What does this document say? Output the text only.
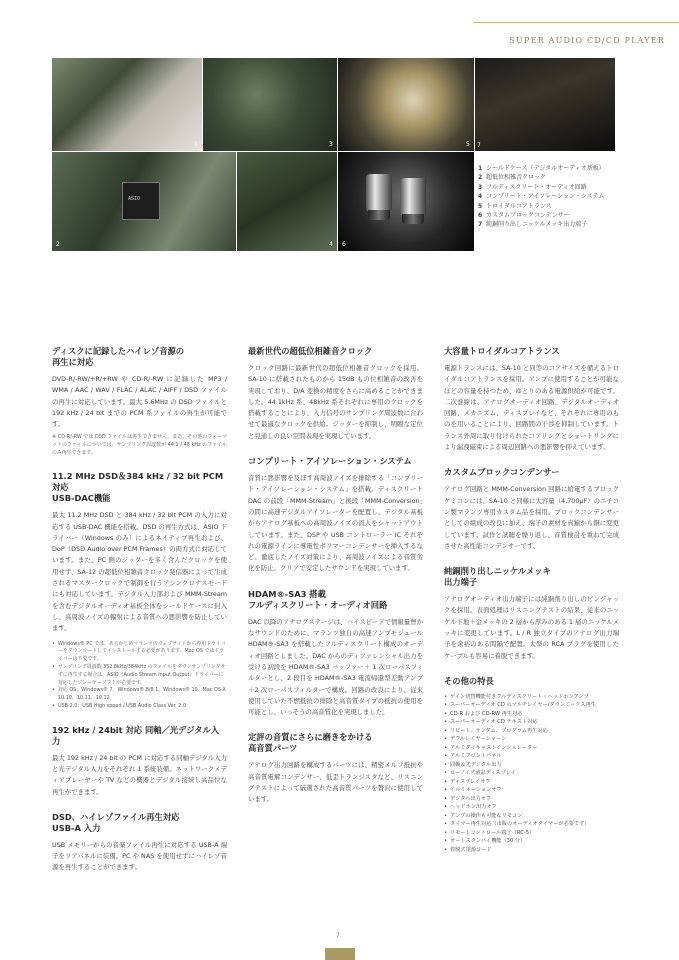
SUPER AUDIO CD/CD PLAYER
1	3	5 7
ASIO
2	4 6
1 シールドケース（デジタルオーディオ基板）
2 超低位相雑音クロック
3 フルディスクリート・オーディオ回路
4 コンプリート・アイソレーション・システム
5 トロイダルコアトランス
6 カスタムブロックコンデンサー
7 純銅削り出しニッケルメッキ出力端子
ディスクに記録したハイレゾ音源の
再生に対応

DVD-R/-RW/+R/+RW や CD-R/-RW に記録した MP3 / WMA / AAC / WAV / FLAC / ALAC / AIFF / DSD ファイルの再生に対応しています。最大 5.6MHz の DSD ファイルと 192 kHz / 24 bit までの PCM 系ファイルの再生が可能です。

※ CD-R/-RW では DSD ファイルは再生できません。また、その他のフォーマットのファイルについては、サンプリング周波数が 44.1 / 48 kHz のファイルのみ再生できます。

11.2 MHz DSD＆384 kHz / 32 bit PCM対応
USB-DAC機能

最大 11.2 MHz DSD と 384 kHz / 32 bit PCM の入力に対応する USB-DAC 機能を搭載。DSD の再生方式は、ASIO ドライバー（Windows のみ）によるネイティブ再生および、DoP（DSD Audio over PCM Frames）の両方式に対応しています。また、PC 側のジッターを多く含んだクロックを使用せず、SA-12 の超低位相雑音クロック発信器によって生成されるマスタークロックで制御を行うアシンクロナスモードにも対応しています。デジタル入力部および MMM-Stream を含むデジタルオーディオ基板全体をシールドケースに封入し、高周波ノイズの輻射による音質への悪影響を防止しています。

• Windows® PC では、あらかじめマランツのウェブサイトから専用ドライバーをダウンロードしてインストールする必要があります。Mac OS ではドライバーは不要です。
• サンプリング周波数 352.8kHz/384kHz のファイルをダウンサンプリングせずに再生する場合は、ASIO（Audio Stream Input Output）ドライバーに対応したプレーヤーソフトが必要です。
• 対応 OS：Windows® 7、Windows® 8/8.1、Windows® 10、Mac OS X 10.10、10.11、10.12
• USB 2.0：USB High speed / USB Audio Class Ver. 2.0
192 kHz / 24bit 対応 同軸／光デジタル入力

最大 192 kHz / 24 bit の PCM に対応する同軸デジタル入力と光デジタル入力をそれぞれ 1 系統装備。ネットワークメディアプレーヤーや TV などの機器とデジタル接続し高品位な再生ができます。

DSD、ハイレゾファイル再生対応
USB-A 入力

USB メモリーからの音楽ファイル再生に対応する USB-A 端子をリアパネルに装備。PC や NAS を使用せずにハイレゾ音源を再生することができます。

最新世代の超低位相雑音クロック

クロック回路に最新世代の超低位相雑音クロックを採用。SA-10 に搭載されたものから 15dB もの位相雑音の改善を実現しており、D/A 変換の精度をさらに高めることができました。44.1kHz 系、48kHz 系それぞれに専用のクロックを搭載することにより、入力信号のサンプリング周波数に合わせて最適なクロックを供給。ジッターを抑制し、明瞭な定位と見通しの良い空間表現を実現しています。

コンプリート・アイソレーション・システム

音質に悪影響を及ぼす高周波ノイズを排除する「コンプリート・アイソレーション・システム」を搭載。ディスクリート DAC の前段「MMM-Stream」と後段「MMM-Conversion」の間に高速デジタルアイソレーターを配置し、デジタル基板からアナログ基板への高周波ノイズの流入をシャットアウトしています。また、DSP や USB コントローラー IC それぞれの電源ラインに導電性ポリマーコンデンサーを挿入するなど、徹底したノイズ対策により、高周波ノイズによる音質劣化を防止。クリアで安定したサウンドを実現しています。

HDAM®-SA3 搭載
フルディスクリート・オーディオ回路

DAC 以降のアナログステージは、ハイスピードで情報量豊かなサウンドのために、マランツ独自の高速アンプモジュール HDAM®-SA3 を搭載したフルディスクリート構成のオーディオ回路としました。DAC からのディファレンシャル出力を受ける初段を HDAM®-SA3 バッファー＋ 1 次ローパスフィルターとし、2 段目を HDAM®-SA3 電流帰還型差動アンプ＋2 次ローパスフィルターで構成。回路の改良により、従来使用していた不燃抵抗の排除と高音質タイプの抵抗の使用を可能とし、いっそうの高音質化を実現しました。

定評の音質にさらに磨きをかける
高音質パーツ

アナログ出力回路を構成するパーツには、精密メルフ抵抗や高音質電解コンデンサー、低歪トランジスタなど、リスニングテストによって厳選された高音質パーツを贅沢に使用しています。

大容量トロイダルコアトランス

電源トランスには、SA-10 と同等のコアサイズを備えるトロイダルコアトランスを採用。アンプに使用することが可能なほどの容量を持つため、ゆとりのある電源供給が可能です。二次巻線は、アナログオーディオ回路、デジタルオーディオ回路、メカニズム、ディスプレイなど、それぞれに専用のものを用いることにより、回路間の干渉を抑制しています。トランス外周に取り付けられたコアリングとショートリングにより漏洩磁束による周辺回路への悪影響を抑えています。

カスタムブロックコンデンサー

アナログ回路と MMM-Conversion 回路に給電するブロックケミコンには、SA-10 と同様に大容量（4,700µF）のニチコン製マランツ専用カスタム品を採用。ブロックコンデンサーとしての組成の改良に加え、端子の素材を真鍮から銅に変更しています。試作と試聴を繰り返し、音質検討を重ねて完成させた高性能コンデンサーです。

純銅削り出しニッケルメッキ
出力端子

アナログオーディオ出力端子には純銅削り出しのピンジャックを採用。表面処理はリスニングテストの結果、従来のニッケル下地＋金メッキの 2 層から厚みのある 1 層のニッケルメッキに変更しています。L / R 独立タイプのアナログ出力端子を余裕のある間隔で配置。大型の RCA プラグを使用したケーブルも容易に着脱できます。

その他の特長
• ゲイン切替機能付きフルディスクリート・ヘッドホンアンプ
• スーパーオーディオ CD のマルチレイヤー/ダウンミックス再生
• CD-R および CD-RW 再生対応
• スーパーオーディオ CD テキスト対応
• リピート、ランダム、プログラム再生対応
• デフルレイヤーシャーシ
• アルミダイキャストインシュレーター
• アルミフロントパネル
• 同軸＆光デジタル出力
• ローノイズ液晶ディスプレイ
• ディスプレイオフ
• イルミネーションオフ
• デジタル出力オフ
• ヘッドホン出力オフ
• アンプの操作も可能なリモコン
• タイマー再生対応（市販のオーディオタイマーが必要です）
• リモートコントロール端子（RC-5）
• オートスタンバイ機能（30 分）
• 着脱式電源コード
7
